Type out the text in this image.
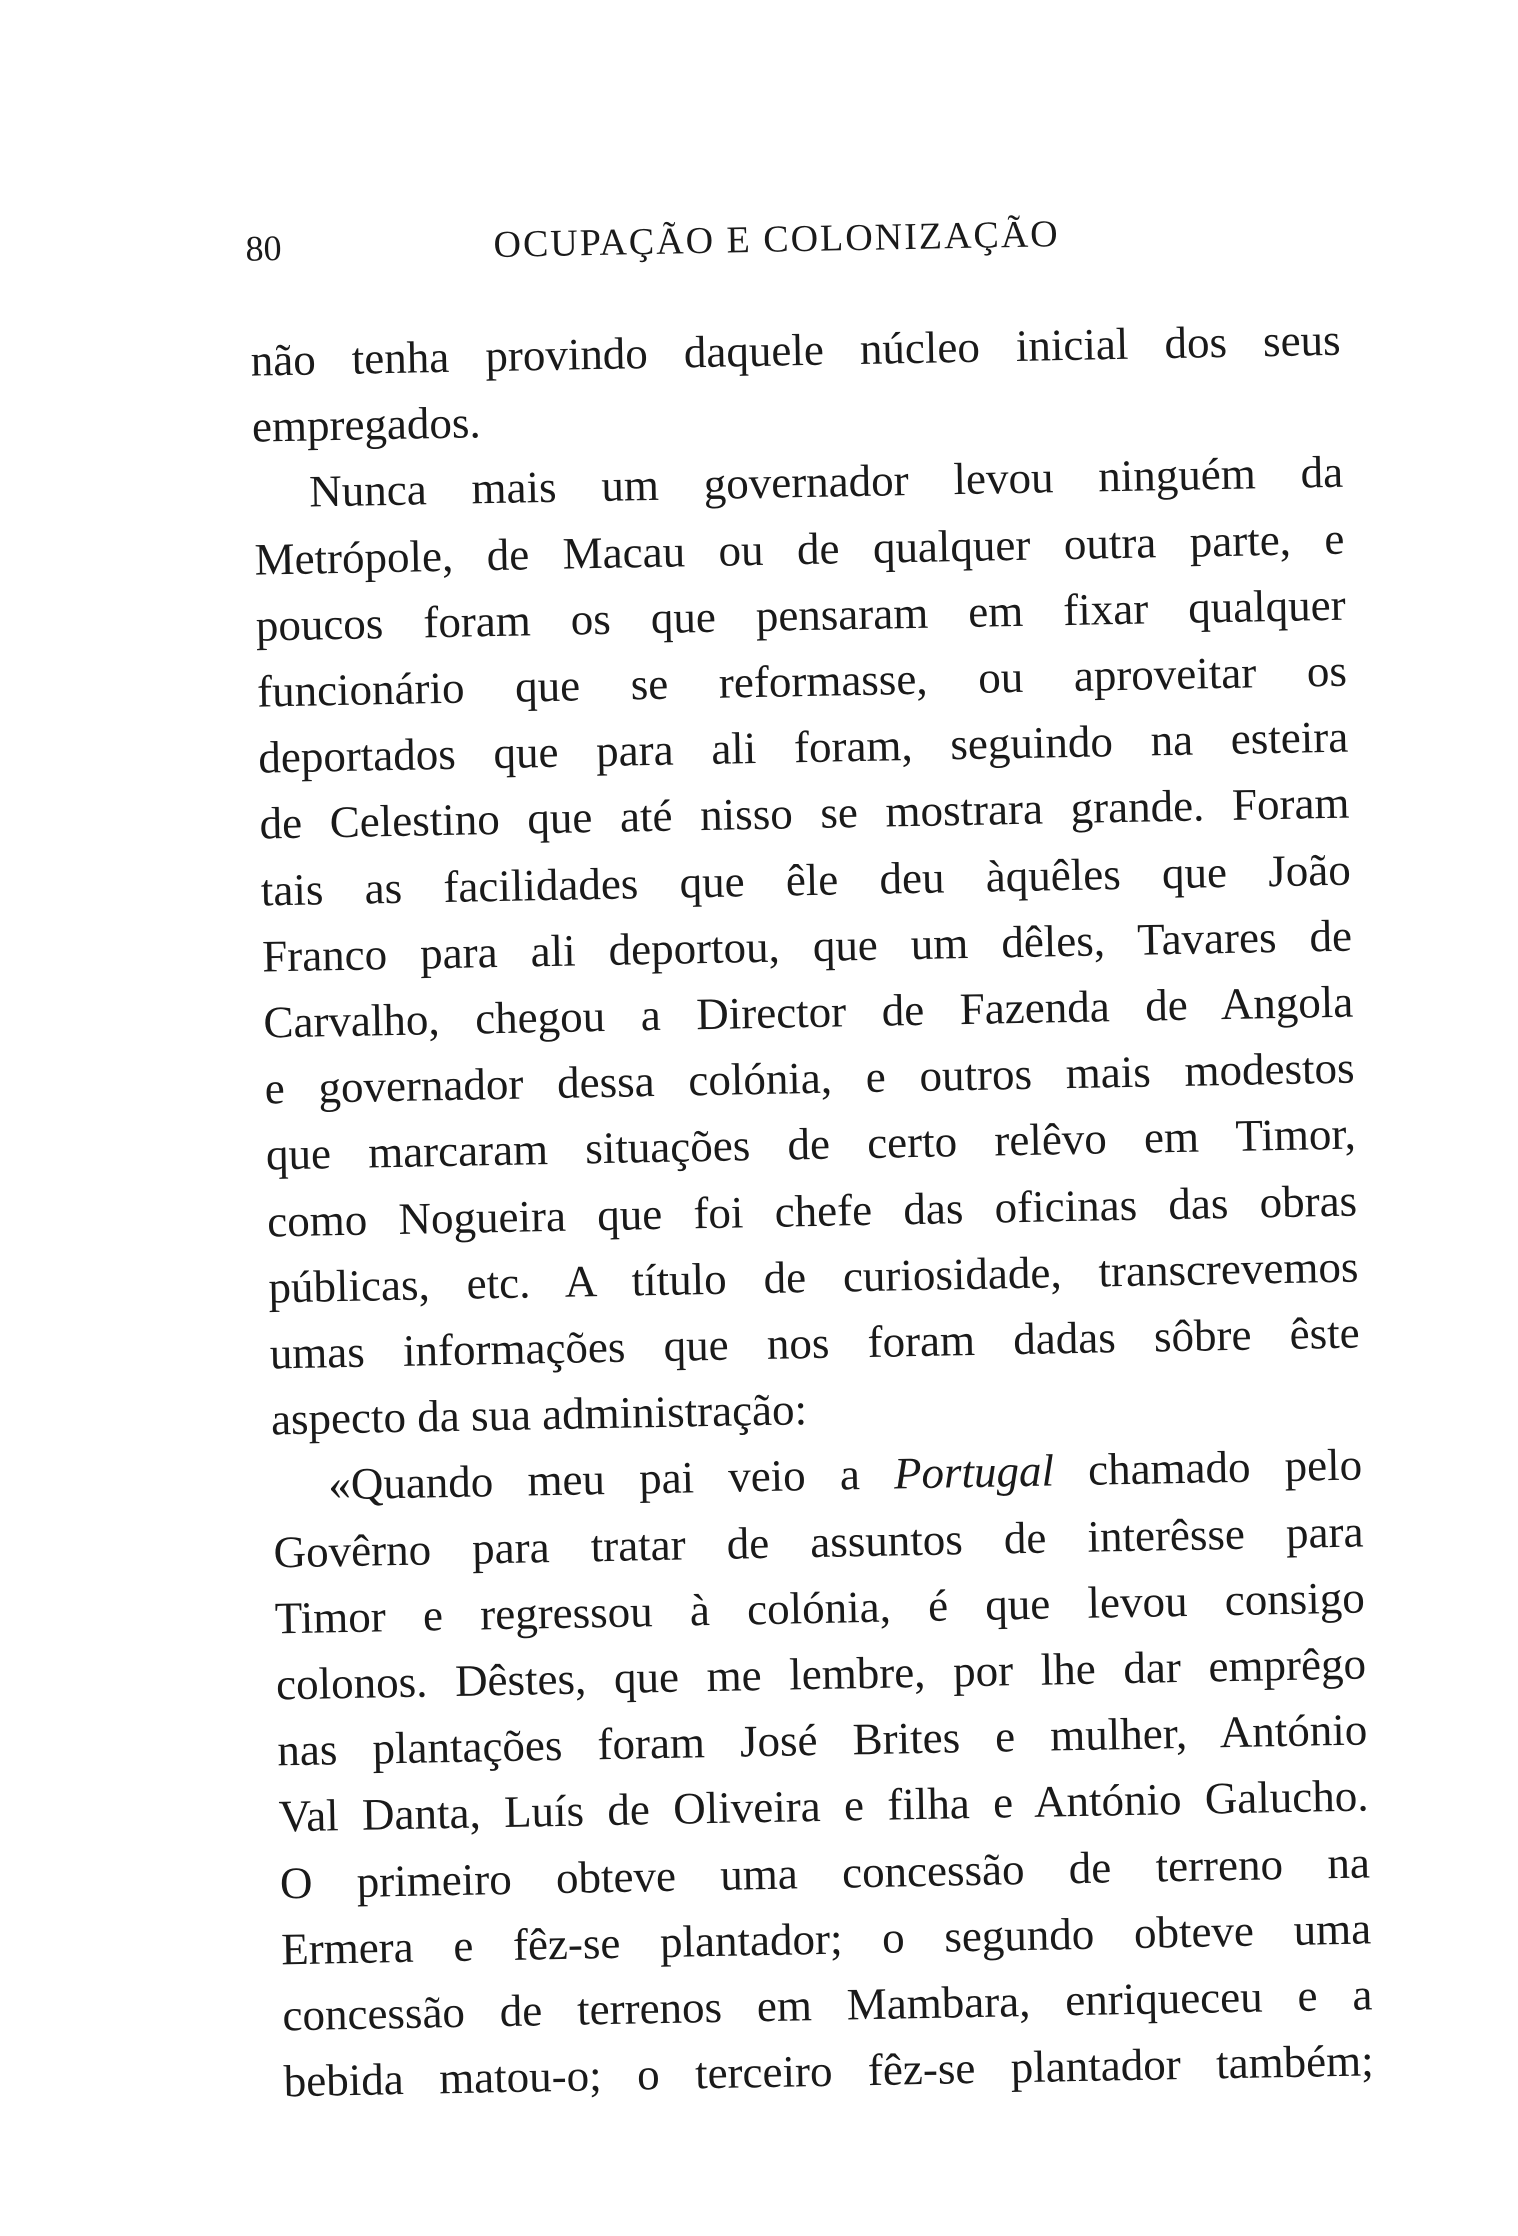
80	OCUPAÇÃO E COLONIZAÇÃO

não tenha provindo daquele núcleo inicial dos seus
empregados.

Nunca mais um governador levou ninguém da
Metrópole, de Macau ou de qualquer outra parte, e
poucos foram os que pensaram em fixar qualquer
funcionário que se reformasse, ou aproveitar os
deportados que para ali foram, seguindo na esteira
de Celestino que até nisso se mostrara grande. Foram
tais as facilidades que êle deu àquêles que João
Franco para ali deportou, que um dêles, Tavares de
Carvalho, chegou a Director de Fazenda de Angola
e governador dessa colónia, e outros mais modestos
que marcaram situações de certo relêvo em Timor,
como Nogueira que foi chefe das oficinas das obras
públicas, etc. A título de curiosidade, transcrevemos
umas informações que nos foram dadas sôbre êste
aspecto da sua administração:

«Quando meu pai veio a Portugal chamado pelo
Govêrno para tratar de assuntos de interêsse para
Timor e regressou à colónia, é que levou consigo
colonos. Dêstes, que me lembre, por lhe dar emprêgo
nas plantações foram José Brites e mulher, António
Val Danta, Luís de Oliveira e filha e António Galucho.
O primeiro obteve uma concessão de terreno na
Ermera e fêz-se plantador; o segundo obteve uma
concessão de terrenos em Mambara, enriqueceu e a
bebida matou-o; o terceiro fêz-se plantador também;
